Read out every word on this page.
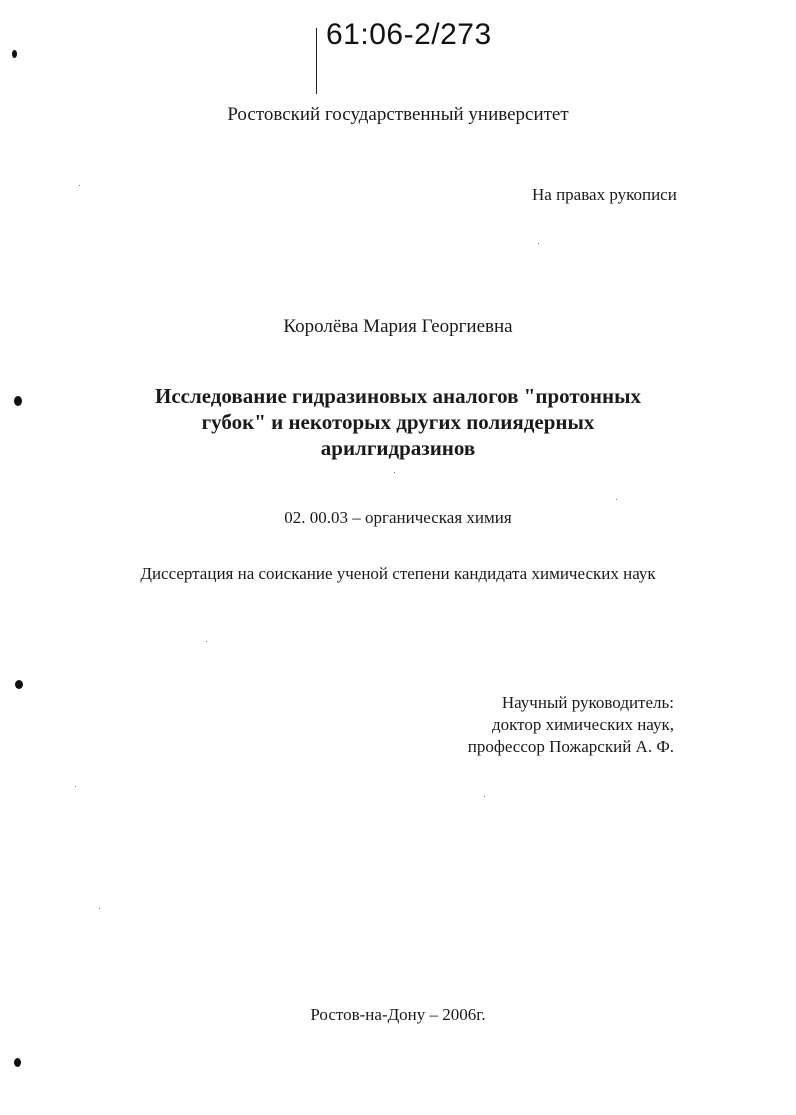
61:06-2/273
Ростовский государственный университет
На правах рукописи
Королёва Мария Георгиевна
Исследование гидразиновых аналогов "протонных
губок" и некоторых других полиядерных
арилгидразинов
02. 00.03 – органическая химия
Диссертация на соискание ученой степени кандидата химических наук
Научный руководитель:
доктор химических наук,
профессор Пожарский А. Ф.
Ростов-на-Дону – 2006г.
